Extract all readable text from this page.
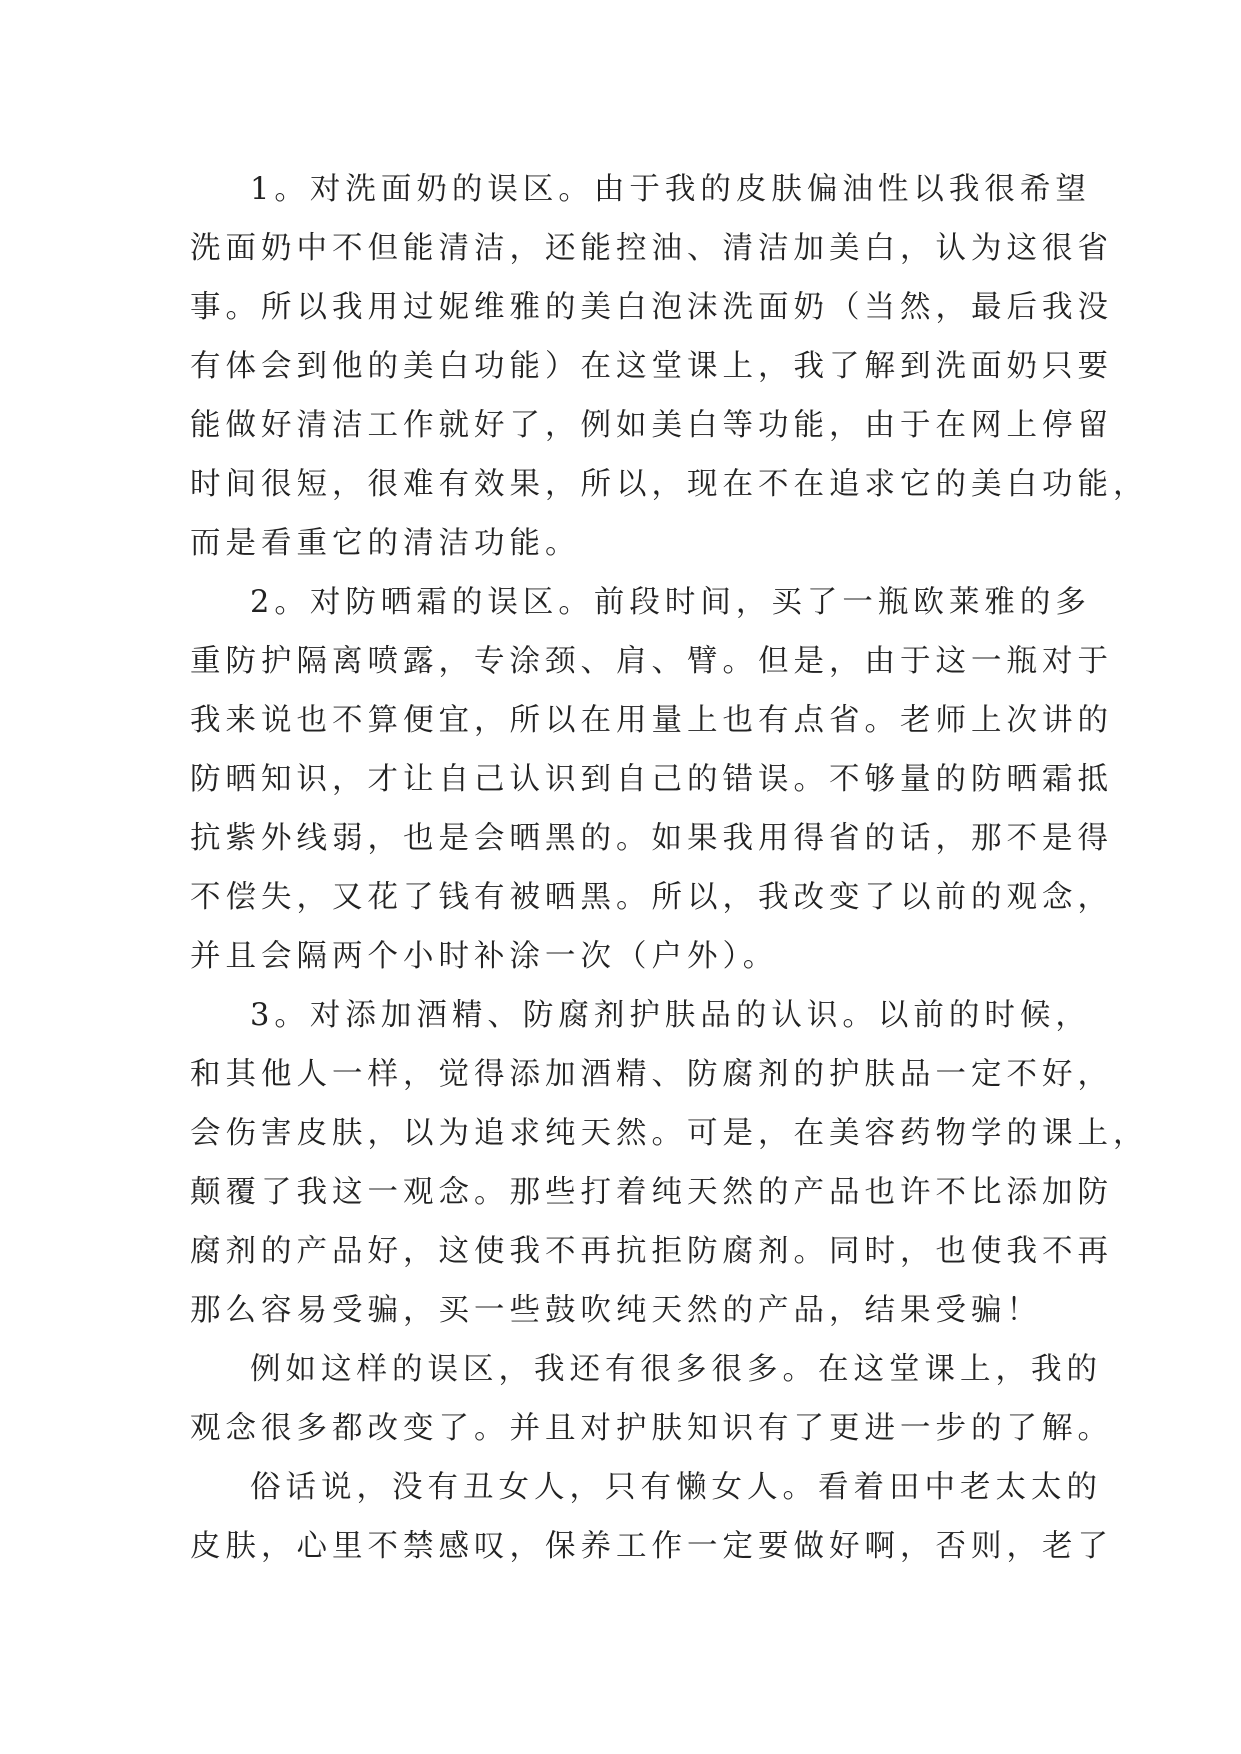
1。对洗面奶的误区。由于我的皮肤偏油性以我很希望
洗面奶中不但能清洁，还能控油、清洁加美白，认为这很省
事。所以我用过妮维雅的美白泡沫洗面奶（当然，最后我没
有体会到他的美白功能）在这堂课上，我了解到洗面奶只要
能做好清洁工作就好了，例如美白等功能，由于在网上停留
时间很短，很难有效果，所以，现在不在追求它的美白功能，
而是看重它的清洁功能。
2。对防晒霜的误区。前段时间，买了一瓶欧莱雅的多
重防护隔离喷露，专涂颈、肩、臂。但是，由于这一瓶对于
我来说也不算便宜，所以在用量上也有点省。老师上次讲的
防晒知识，才让自己认识到自己的错误。不够量的防晒霜抵
抗紫外线弱，也是会晒黑的。如果我用得省的话，那不是得
不偿失，又花了钱有被晒黑。所以，我改变了以前的观念，
并且会隔两个小时补涂一次（户外）。
3。对添加酒精、防腐剂护肤品的认识。以前的时候，
和其他人一样，觉得添加酒精、防腐剂的护肤品一定不好，
会伤害皮肤，以为追求纯天然。可是，在美容药物学的课上，
颠覆了我这一观念。那些打着纯天然的产品也许不比添加防
腐剂的产品好，这使我不再抗拒防腐剂。同时，也使我不再
那么容易受骗，买一些鼓吹纯天然的产品，结果受骗！
例如这样的误区，我还有很多很多。在这堂课上，我的
观念很多都改变了。并且对护肤知识有了更进一步的了解。
俗话说，没有丑女人，只有懒女人。看着田中老太太的
皮肤，心里不禁感叹，保养工作一定要做好啊，否则，老了
